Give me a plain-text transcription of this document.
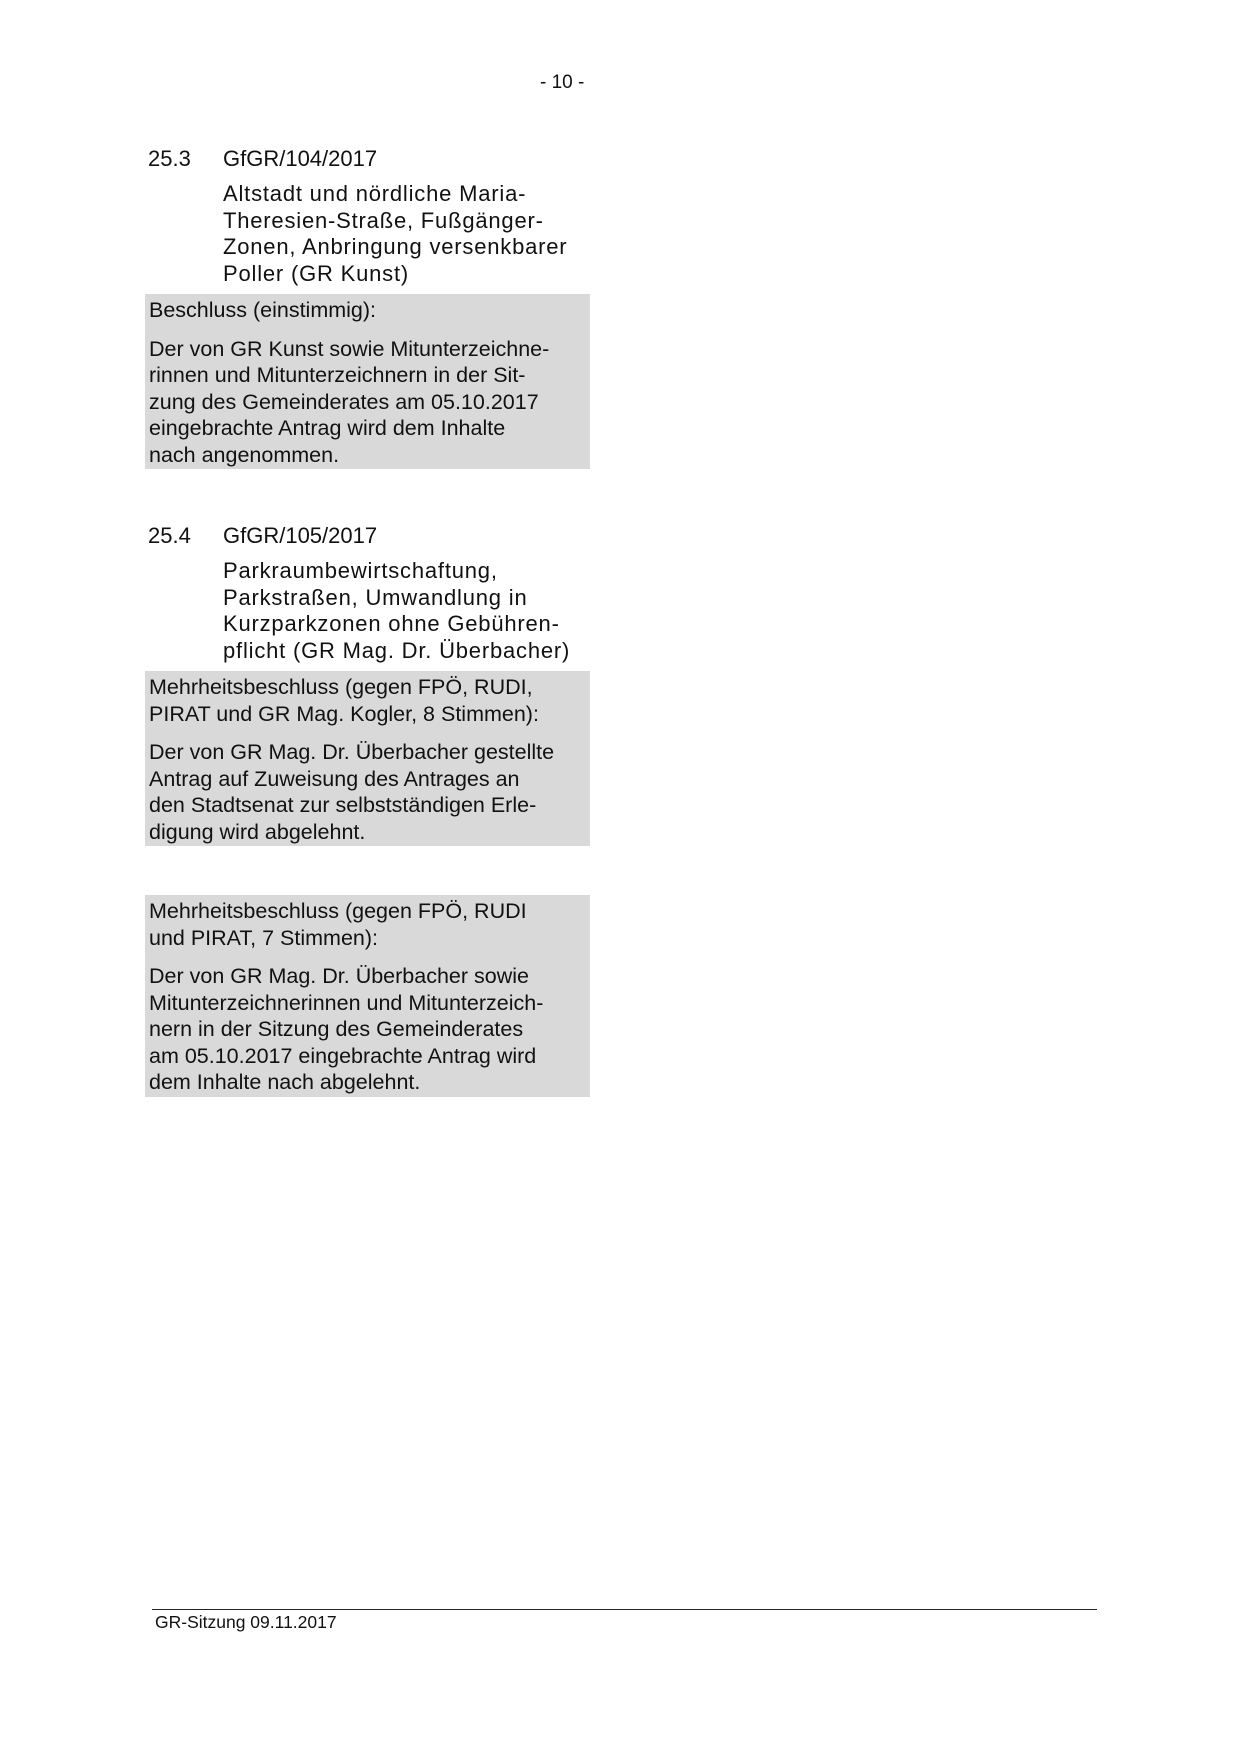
- 10 -
25.3 GfGR/104/2017
Altstadt und nördliche Maria-
Theresien-Straße, Fußgänger-
Zonen, Anbringung versenkbarer
Poller (GR Kunst)
Beschluss (einstimmig):
Der von GR Kunst sowie Mitunterzeichne-
rinnen und Mitunterzeichnern in der Sit-
zung des Gemeinderates am 05.10.2017
eingebrachte Antrag wird dem Inhalte
nach angenommen.
25.4 GfGR/105/2017
Parkraumbewirtschaftung,
Parkstraßen, Umwandlung in
Kurzparkzonen ohne Gebühren-
pflicht (GR Mag. Dr. Überbacher)
Mehrheitsbeschluss (gegen FPÖ, RUDI,
PIRAT und GR Mag. Kogler, 8 Stimmen):
Der von GR Mag. Dr. Überbacher gestellte
Antrag auf Zuweisung des Antrages an
den Stadtsenat zur selbstständigen Erle-
digung wird abgelehnt.
Mehrheitsbeschluss (gegen FPÖ, RUDI
und PIRAT, 7 Stimmen):
Der von GR Mag. Dr. Überbacher sowie
Mitunterzeichnerinnen und Mitunterzeich-
nern in der Sitzung des Gemeinderates
am 05.10.2017 eingebrachte Antrag wird
dem Inhalte nach abgelehnt.
GR-Sitzung 09.11.2017
